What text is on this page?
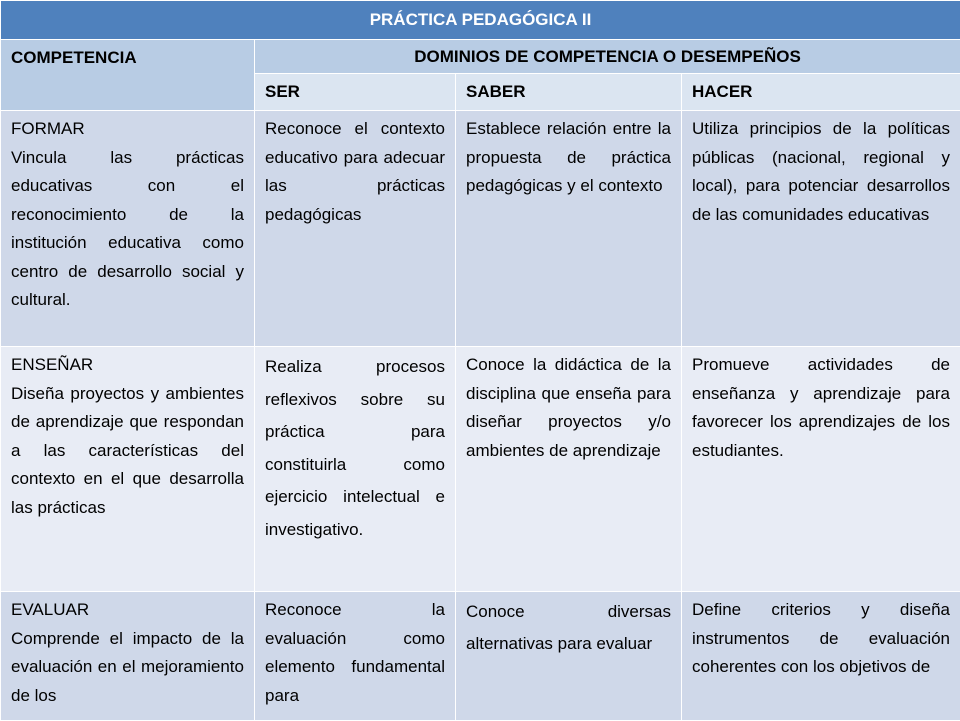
PRÁCTICA PEDAGÓGICA II			
COMPETENCIA	DOMINIOS DE COMPETENCIA O DESEMPEÑOS		
	SER	SABER	HACER

FORMAR
Vincula las prácticas educativas con el reconocimiento de la institución educativa como centro de desarrollo social y cultural.	Reconoce el contexto educativo para adecuar las prácticas pedagógicas	Establece relación entre la propuesta de práctica pedagógicas y el contexto	Utiliza principios de la políticas públicas (nacional, regional y local), para potenciar desarrollos de las comunidades educativas

ENSEÑAR
Diseña proyectos y ambientes de aprendizaje que respondan a las características del contexto en el que desarrolla las prácticas	Realiza procesos reflexivos sobre su práctica para constituirla como ejercicio intelectual e investigativo.	Conoce la didáctica de la disciplina que enseña para diseñar proyectos y/o ambientes de aprendizaje	Promueve actividades de enseñanza y aprendizaje para favorecer los aprendizajes de los estudiantes.

EVALUAR
Comprende el impacto de la evaluación en el mejoramiento de los	Reconoce la evaluación como elemento fundamental para	Conoce diversas alternativas para evaluar	Define criterios y diseña instrumentos de evaluación coherentes con los objetivos de
